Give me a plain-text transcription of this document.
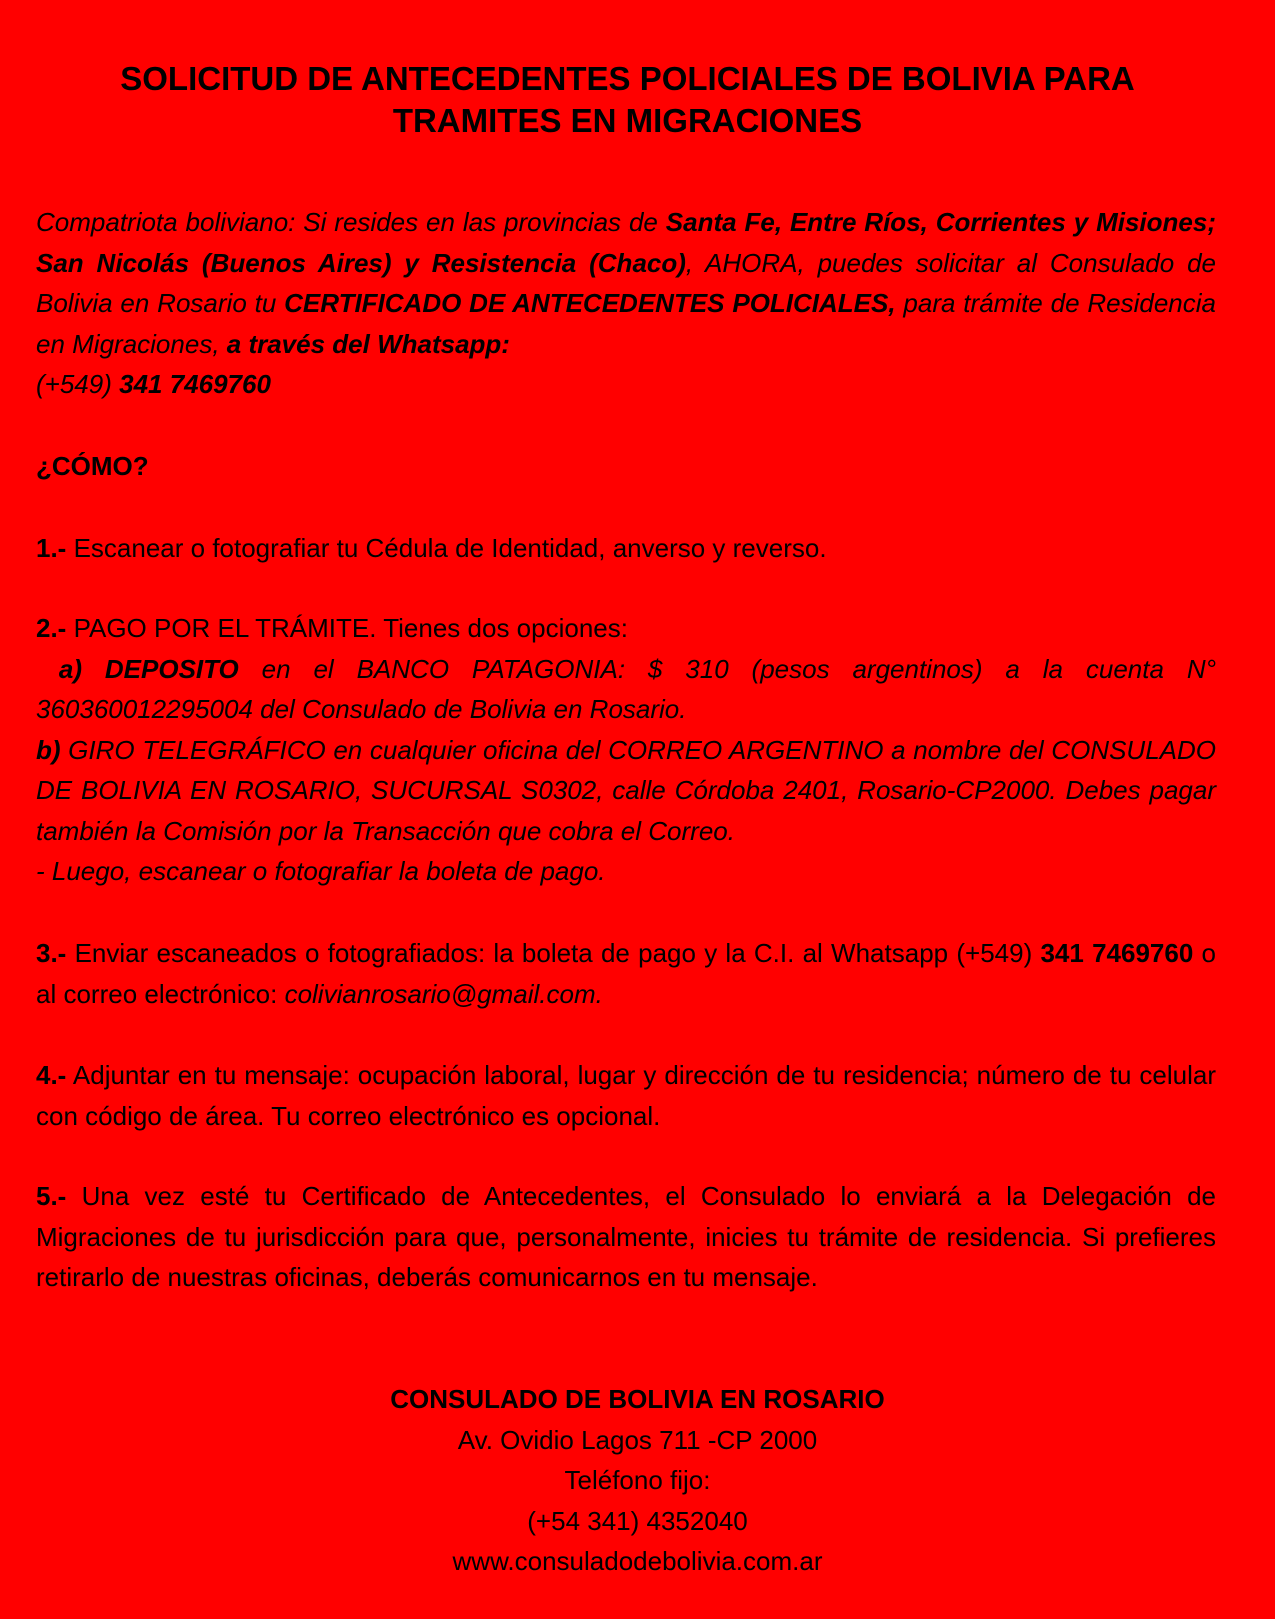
SOLICITUD DE ANTECEDENTES POLICIALES DE BOLIVIA PARA
TRAMITES EN MIGRACIONES

Compatriota boliviano: Si resides en las provincias de Santa Fe, Entre Ríos, Corrientes y Misiones; San Nicolás (Buenos Aires) y Resistencia (Chaco), AHORA, puedes solicitar al Consulado de Bolivia en Rosario tu CERTIFICADO DE ANTECEDENTES POLICIALES, para trámite de Residencia en Migraciones, a través del Whatsapp:
(+549) 341 7469760

¿CÓMO?

1.- Escanear o fotografiar tu Cédula de Identidad, anverso y reverso.

2.- PAGO POR EL TRÁMITE. Tienes dos opciones:
a) DEPOSITO en el BANCO PATAGONIA: $ 310 (pesos argentinos) a la cuenta N° 360360012295004 del Consulado de Bolivia en Rosario.
b) GIRO TELEGRÁFICO en cualquier oficina del CORREO ARGENTINO a nombre del CONSULADO DE BOLIVIA EN ROSARIO, SUCURSAL S0302, calle Córdoba 2401, Rosario-CP2000. Debes pagar también la Comisión por la Transacción que cobra el Correo.
- Luego, escanear o fotografiar la boleta de pago.

3.- Enviar escaneados o fotografiados: la boleta de pago y la C.I. al Whatsapp (+549) 341 7469760 o al correo electrónico: colivianrosario@gmail.com.

4.- Adjuntar en tu mensaje: ocupación laboral, lugar y dirección de tu residencia; número de tu celular con código de área. Tu correo electrónico es opcional.

5.- Una vez esté tu Certificado de Antecedentes, el Consulado lo enviará a la Delegación de Migraciones de tu jurisdicción para que, personalmente, inicies tu trámite de residencia. Si prefieres retirarlo de nuestras oficinas, deberás comunicarnos en tu mensaje.

CONSULADO DE BOLIVIA EN ROSARIO
Av. Ovidio Lagos 711 -CP 2000
Teléfono fijo:
(+54 341) 4352040
www.consuladodebolivia.com.ar
